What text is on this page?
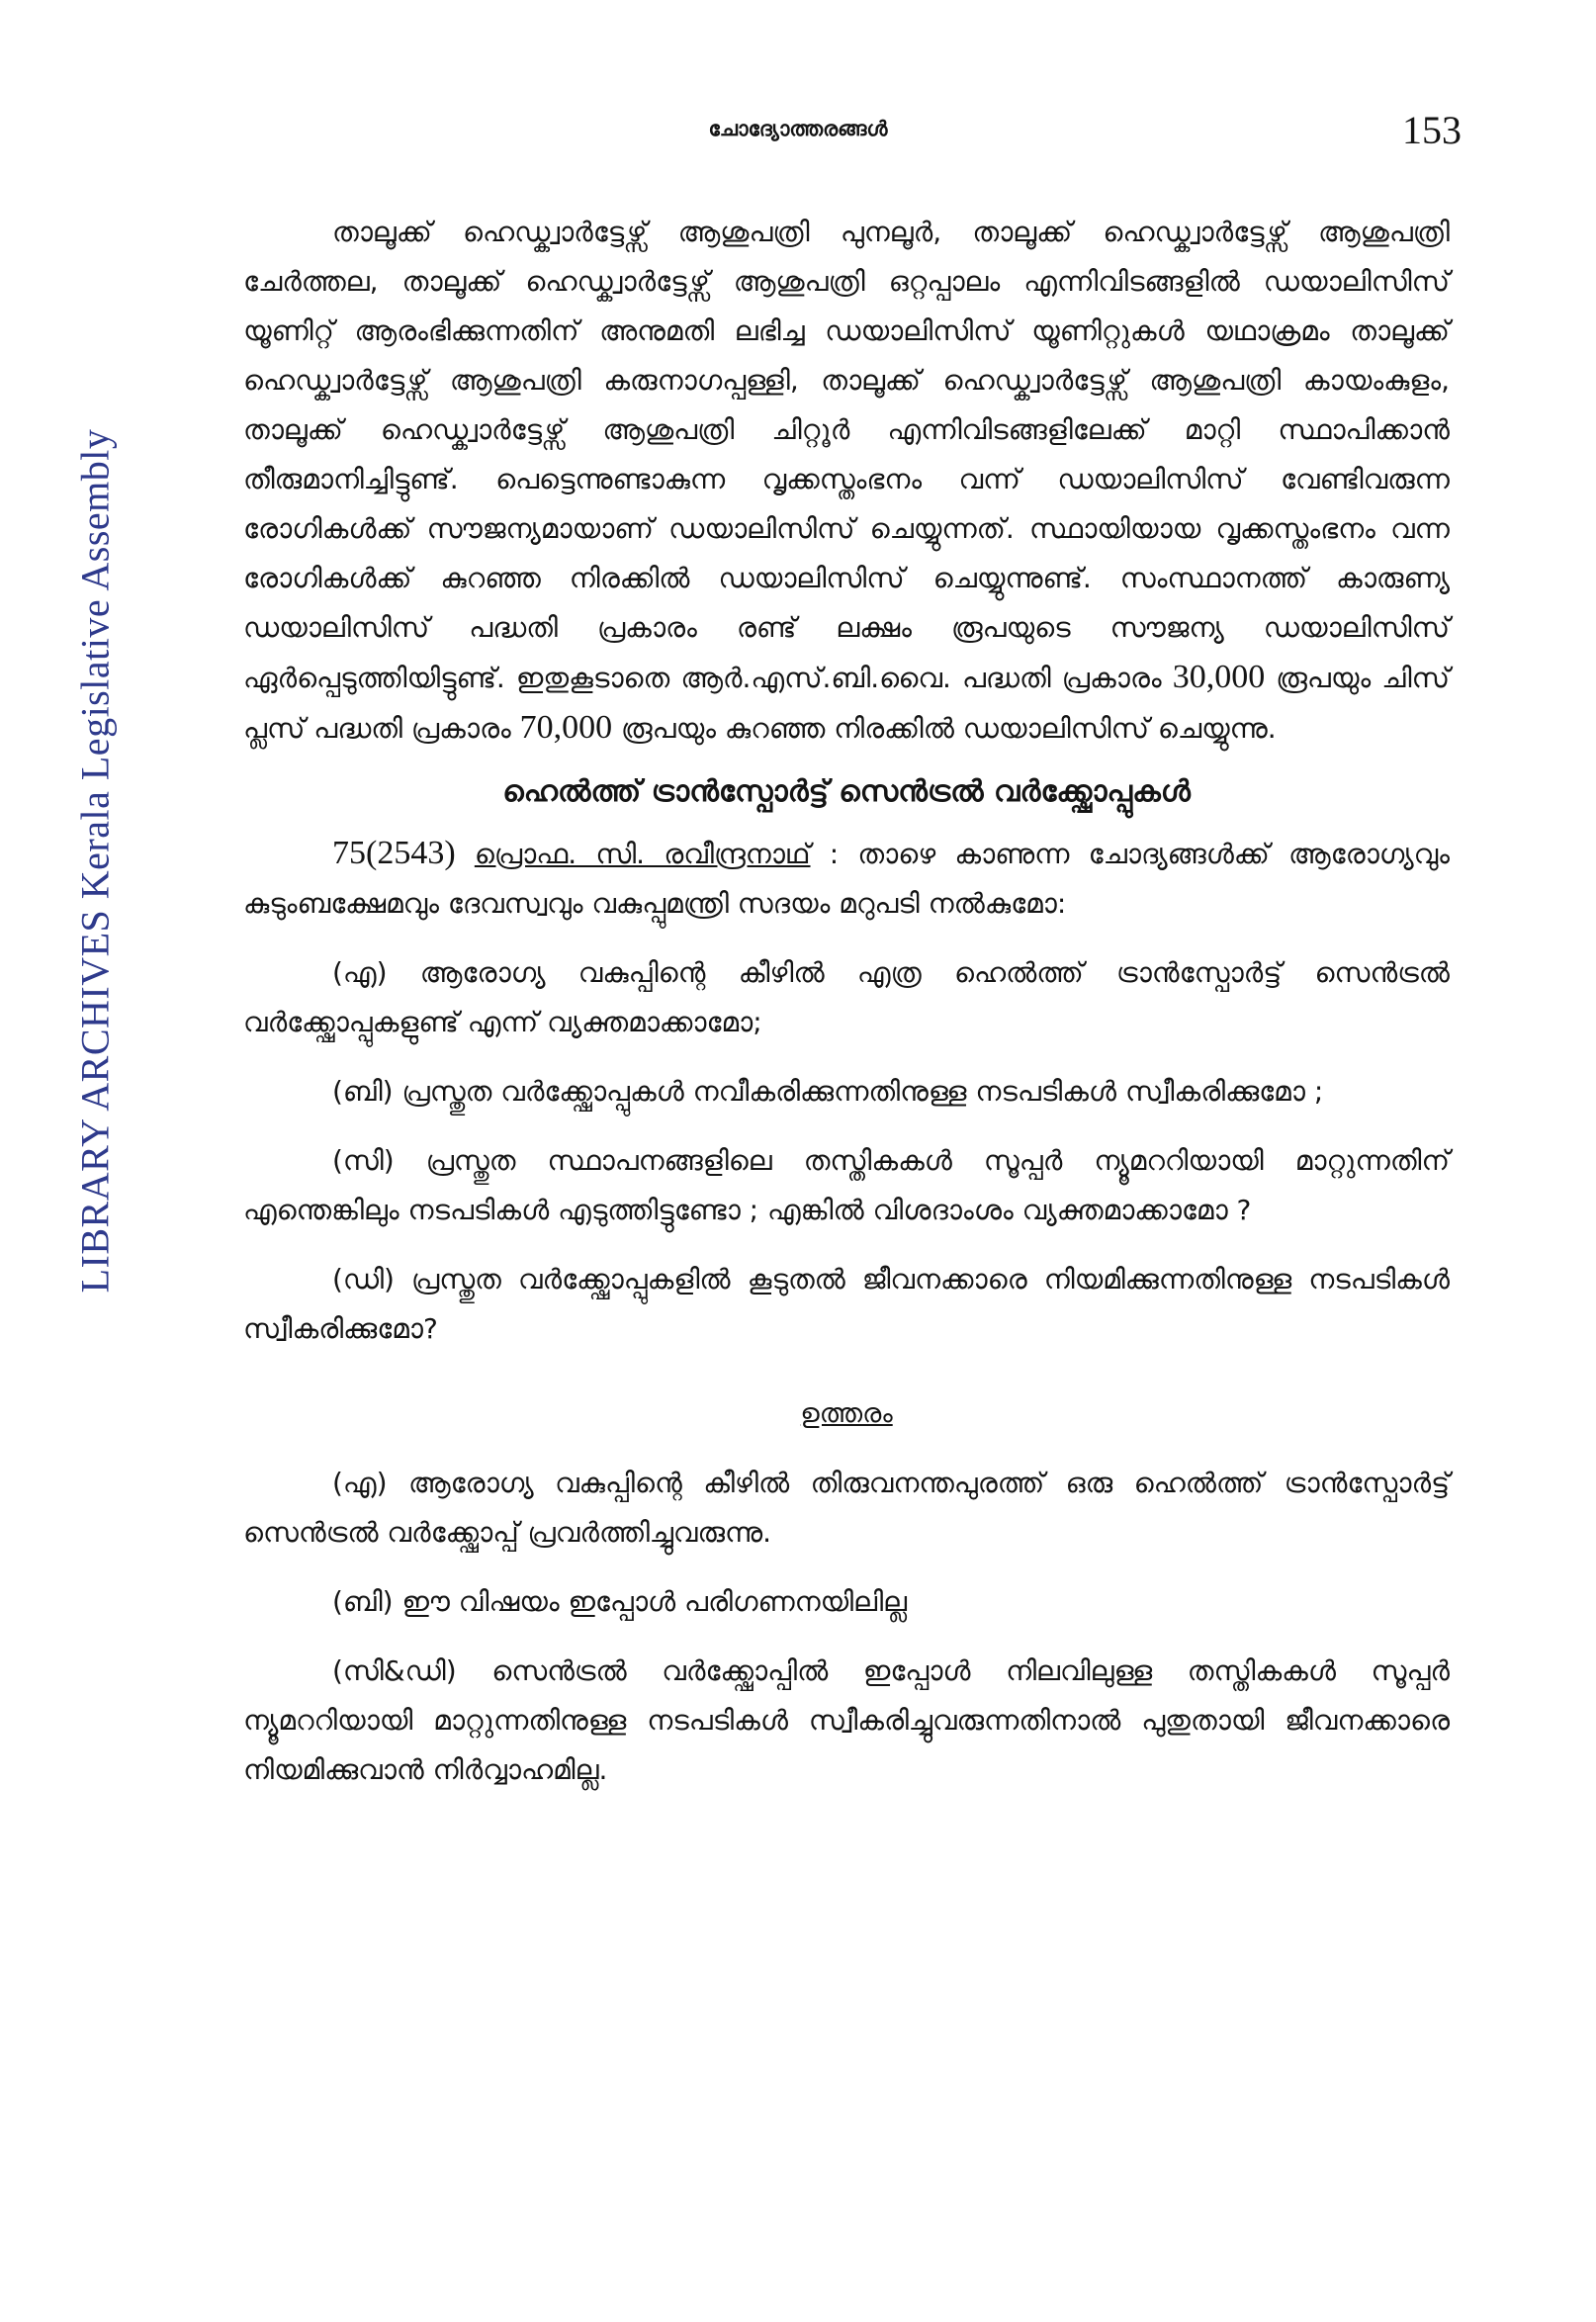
LIBRARY ARCHIVES Kerala Legislative Assembly
ചോദ്യോത്തരങ്ങൾ	153

താലൂക്ക് ഹെഡ്ക്വാർട്ടേഴ്സ് ആശുപത്രി പുനലൂർ, താലൂക്ക് ഹെഡ്ക്വാർട്ടേഴ്സ് ആശുപത്രി ചേർത്തല, താലൂക്ക് ഹെഡ്ക്വാർട്ടേഴ്സ് ആശുപത്രി ഒറ്റപ്പാലം എന്നിവിടങ്ങളിൽ ഡയാലിസിസ് യൂണിറ്റ് ആരംഭിക്കുന്നതിന് അനുമതി ലഭിച്ച ഡയാലിസിസ് യൂണിറ്റുകൾ യഥാക്രമം താലൂക്ക് ഹെഡ്ക്വാർട്ടേഴ്സ് ആശുപത്രി കരുനാഗപ്പള്ളി, താലൂക്ക് ഹെഡ്ക്വാർട്ടേഴ്സ് ആശുപത്രി കായംകുളം, താലൂക്ക് ഹെഡ്ക്വാർട്ടേഴ്സ് ആശുപത്രി ചിറ്റൂർ എന്നിവിടങ്ങളിലേക്ക് മാറ്റി സ്ഥാപിക്കാൻ തീരുമാനിച്ചിട്ടുണ്ട്. പെട്ടെന്നുണ്ടാകുന്ന വൃക്കസ്തംഭനം വന്ന് ഡയാലിസിസ് വേണ്ടിവരുന്ന രോഗികൾക്ക് സൗജന്യമായാണ് ഡയാലിസിസ് ചെയ്യുന്നത്. സ്ഥായിയായ വൃക്കസ്തംഭനം വന്ന രോഗികൾക്ക് കുറഞ്ഞ നിരക്കിൽ ഡയാലിസിസ് ചെയ്യുന്നുണ്ട്. സംസ്ഥാനത്ത് കാരുണ്യ ഡയാലിസിസ് പദ്ധതി പ്രകാരം രണ്ട് ലക്ഷം രൂപയുടെ സൗജന്യ ഡയാലിസിസ് ഏർപ്പെടുത്തിയിട്ടുണ്ട്. ഇതുകൂടാതെ ആർ.എസ്.ബി.വൈ. പദ്ധതി പ്രകാരം 30,000 രൂപയും ചിസ് പ്ലസ് പദ്ധതി പ്രകാരം 70,000 രൂപയും കുറഞ്ഞ നിരക്കിൽ ഡയാലിസിസ് ചെയ്യുന്നു.

ഹെൽത്ത് ട്രാൻസ്പോർട്ട് സെൻട്രൽ വർക്ക്ഷോപ്പുകൾ

75(2543) പ്രൊഫ. സി. രവീന്ദ്രനാഥ് : താഴെ കാണുന്ന ചോദ്യങ്ങൾക്ക് ആരോഗ്യവും കുടുംബക്ഷേമവും ദേവസ്വവും വകുപ്പുമന്ത്രി സദയം മറുപടി നൽകുമോ:

(എ) ആരോഗ്യ വകുപ്പിന്റെ കീഴിൽ എത്ര ഹെൽത്ത് ട്രാൻസ്പോർട്ട് സെൻട്രൽ വർക്ക്ഷോപ്പുകളുണ്ട് എന്ന് വ്യക്തമാക്കാമോ;

(ബി) പ്രസ്തുത വർക്ക്ഷോപ്പുകൾ നവീകരിക്കുന്നതിനുള്ള നടപടികൾ സ്വീകരിക്കുമോ ;

(സി) പ്രസ്തുത സ്ഥാപനങ്ങളിലെ തസ്തികകൾ സൂപ്പർ ന്യൂമററിയായി മാറ്റുന്നതിന് എന്തെങ്കിലും നടപടികൾ എടുത്തിട്ടുണ്ടോ ; എങ്കിൽ വിശദാംശം വ്യക്തമാക്കാമോ ?

(ഡി) പ്രസ്തുത വർക്ക്ഷോപ്പുകളിൽ കൂടുതൽ ജീവനക്കാരെ നിയമിക്കുന്നതിനുള്ള നടപടികൾ സ്വീകരിക്കുമോ?

ഉത്തരം

(എ) ആരോഗ്യ വകുപ്പിന്റെ കീഴിൽ തിരുവനന്തപുരത്ത് ഒരു ഹെൽത്ത് ട്രാൻസ്പോർട്ട് സെൻട്രൽ വർക്ക്ഷോപ്പ് പ്രവർത്തിച്ചുവരുന്നു.

(ബി) ഈ വിഷയം ഇപ്പോൾ പരിഗണനയിലില്ല

(സി&ഡി) സെൻട്രൽ വർക്ക്ഷോപ്പിൽ ഇപ്പോൾ നിലവിലുള്ള തസ്തികകൾ സൂപ്പർ ന്യൂമററിയായി മാറ്റുന്നതിനുള്ള നടപടികൾ സ്വീകരിച്ചുവരുന്നതിനാൽ പുതുതായി ജീവനക്കാരെ നിയമിക്കുവാൻ നിർവ്വാഹമില്ല.
